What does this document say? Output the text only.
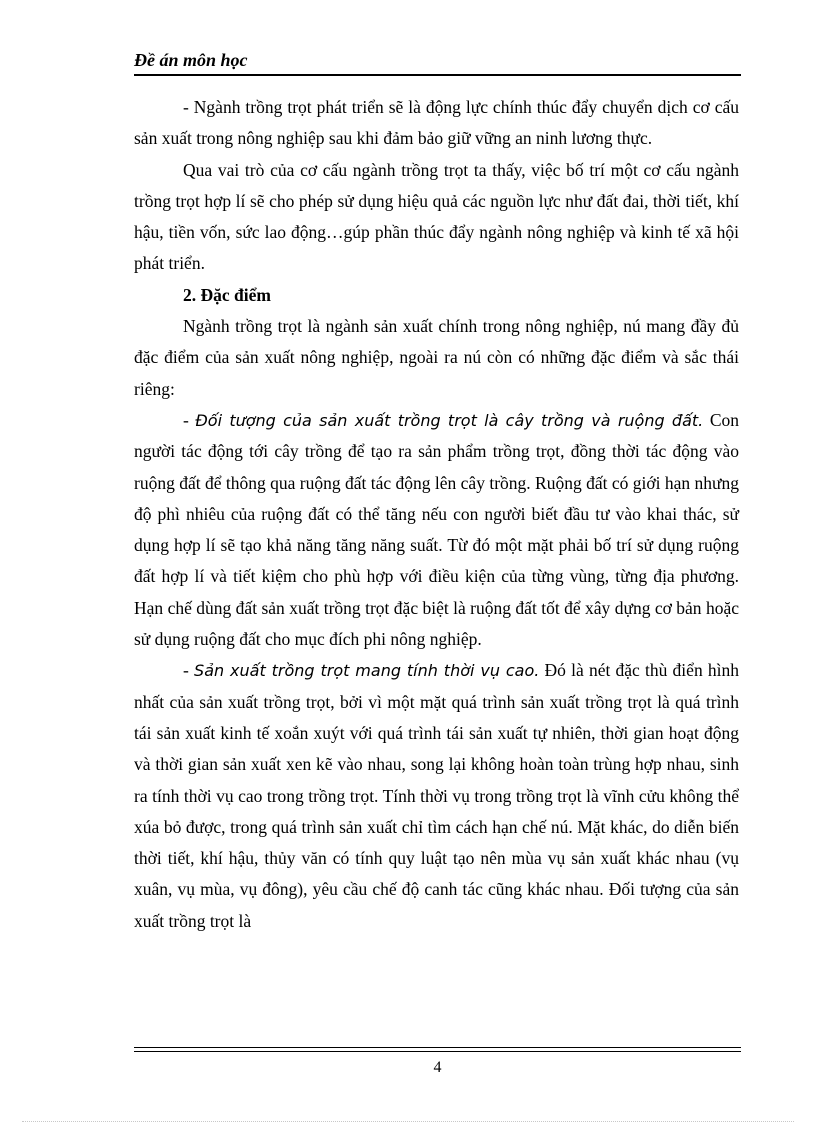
Đề án môn học

- Ngành trồng trọt phát triển sẽ là động lực chính thúc đẩy chuyển dịch cơ cấu sản xuất trong nông nghiệp sau khi đảm bảo giữ vững an ninh lương thực.

Qua vai trò của cơ cấu ngành trồng trọt ta thấy, việc bố trí một cơ cấu ngành trồng trọt hợp lí sẽ cho phép sử dụng hiệu quả các nguồn lực như đất đai, thời tiết, khí hậu, tiền vốn, sức lao động…gúp phần thúc đẩy ngành nông nghiệp và kinh tế xã hội phát triển.

2. Đặc điểm

Ngành trồng trọt là ngành sản xuất chính trong nông nghiệp, nú mang đầy đủ đặc điểm của sản xuất nông nghiệp, ngoài ra nú còn có những đặc điểm và sắc thái riêng:

- Đối tượng của sản xuất trồng trọt là cây trồng và ruộng đất. Con người tác động tới cây trồng để tạo ra sản phẩm trồng trọt, đồng thời tác động vào ruộng đất để thông qua ruộng đất tác động lên cây trồng. Ruộng đất có giới hạn nhưng độ phì nhiêu của ruộng đất có thể tăng nếu con người biết đầu tư vào khai thác, sử dụng hợp lí sẽ tạo khả năng tăng năng suất. Từ đó một mặt phải bố trí sử dụng ruộng đất hợp lí và tiết kiệm cho phù hợp với điều kiện của từng vùng, từng địa phương. Hạn chế dùng đất sản xuất trồng trọt đặc biệt là ruộng đất tốt để xây dựng cơ bản hoặc sử dụng ruộng đất cho mục đích phi nông nghiệp.

- Sản xuất trồng trọt mang tính thời vụ cao. Đó là nét đặc thù điển hình nhất của sản xuất trồng trọt, bởi vì một mặt quá trình sản xuất trồng trọt là quá trình tái sản xuất kinh tế xoắn xuýt với quá trình tái sản xuất tự nhiên, thời gian hoạt động và thời gian sản xuất xen kẽ vào nhau, song lại không hoàn toàn trùng hợp nhau, sinh ra tính thời vụ cao trong trồng trọt. Tính thời vụ trong trồng trọt là vĩnh cửu không thể xúa bỏ được, trong quá trình sản xuất chỉ tìm cách hạn chế nú. Mặt khác, do diễn biến thời tiết, khí hậu, thủy văn có tính quy luật tạo nên mùa vụ sản xuất khác nhau (vụ xuân, vụ mùa, vụ đông), yêu cầu chế độ canh tác cũng khác nhau. Đối tượng của sản xuất trồng trọt là

4
